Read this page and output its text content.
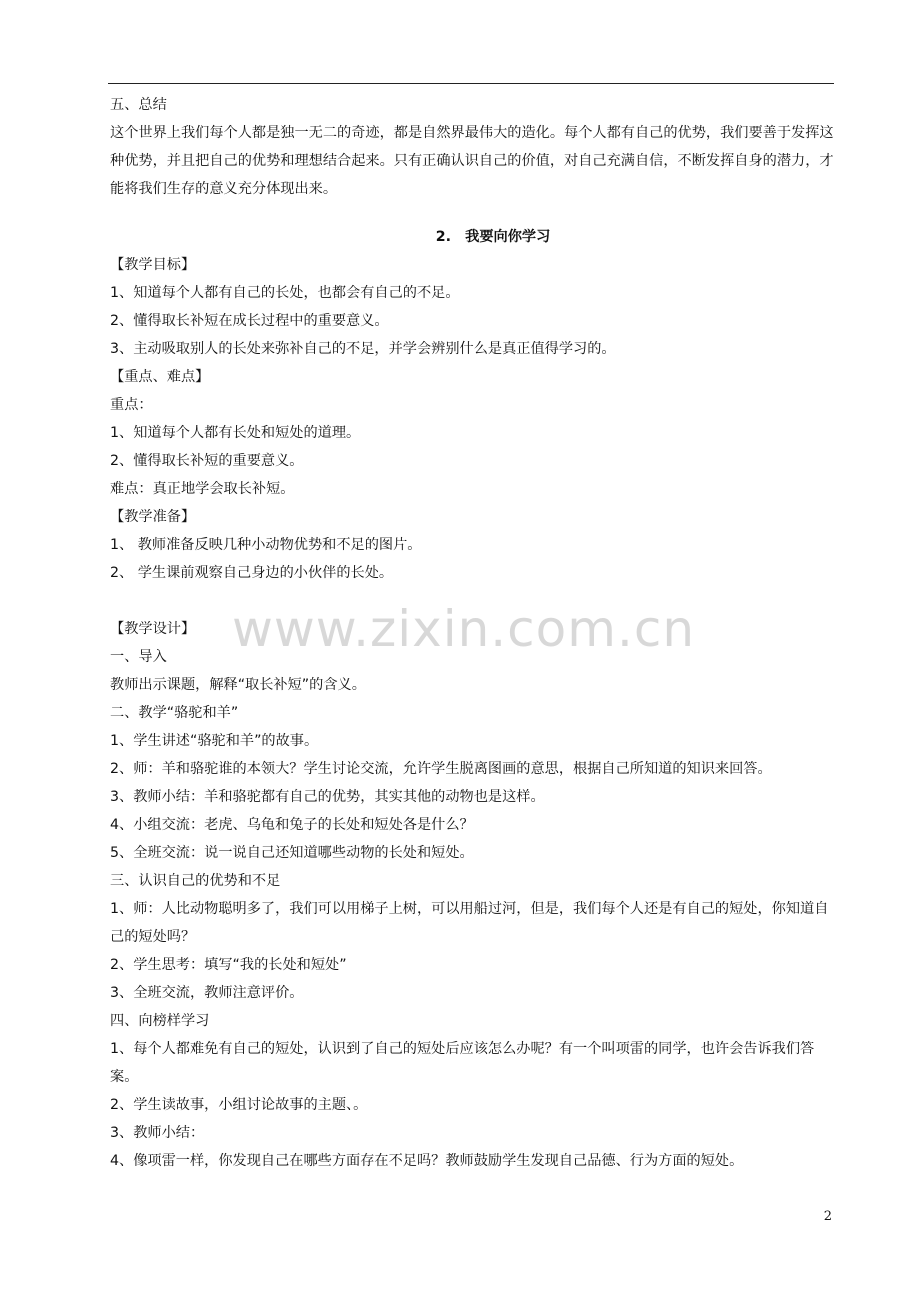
五、总结

这个世界上我们每个人都是独一无二的奇迹，都是自然界最伟大的造化。每个人都有自己的优势，我们要善于发挥这种优势，并且把自己的优势和理想结合起来。只有正确认识自己的价值，对自己充满自信，不断发挥自身的潜力，才能将我们生存的意义充分体现出来。

2.　我要向你学习

【教学目标】

1、知道每个人都有自己的长处，也都会有自己的不足。

2、懂得取长补短在成长过程中的重要意义。

3、主动吸取别人的长处来弥补自己的不足，并学会辨别什么是真正值得学习的。

【重点、难点】

重点：

1、知道每个人都有长处和短处的道理。

2、懂得取长补短的重要意义。

难点：真正地学会取长补短。

【教学准备】

1、 教师准备反映几种小动物优势和不足的图片。

2、 学生课前观察自己身边的小伙伴的长处。

【教学设计】

一、导入

教师出示课题，解释“取长补短”的含义。

二、教学“骆驼和羊”

1、学生讲述“骆驼和羊”的故事。

2、师：羊和骆驼谁的本领大？学生讨论交流，允许学生脱离图画的意思，根据自己所知道的知识来回答。

3、教师小结：羊和骆驼都有自己的优势，其实其他的动物也是这样。

4、小组交流：老虎、乌龟和兔子的长处和短处各是什么？

5、全班交流：说一说自己还知道哪些动物的长处和短处。

三、认识自己的优势和不足

1、师：人比动物聪明多了，我们可以用梯子上树，可以用船过河，但是，我们每个人还是有自己的短处，你知道自己的短处吗？

2、学生思考：填写“我的长处和短处”

3、全班交流，教师注意评价。

四、向榜样学习

1、每个人都难免有自己的短处，认识到了自己的短处后应该怎么办呢？有一个叫项雷的同学，也许会告诉我们答案。

2、学生读故事，小组讨论故事的主题、。

3、教师小结：

4、像项雷一样，你发现自己在哪些方面存在不足吗？教师鼓励学生发现自己品德、行为方面的短处。

www.zixin.com.cn
2
